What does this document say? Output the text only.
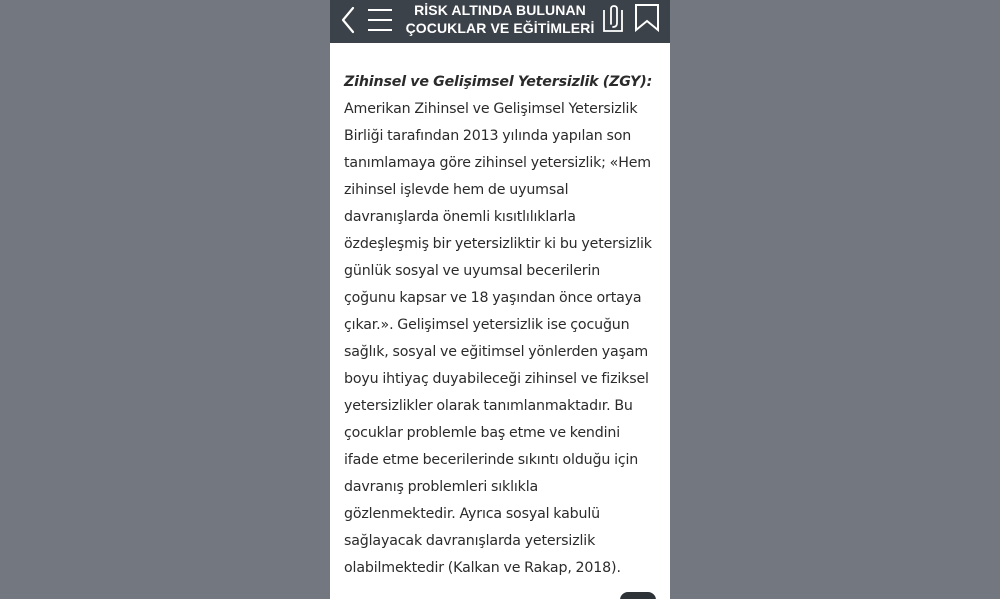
RİSK ALTINDA BULUNAN
ÇOCUKLAR VE EĞİTİMLERİ
Zihinsel ve Gelişimsel Yetersizlik (ZGY):
Amerikan Zihinsel ve Gelişimsel Yetersizlik
Birliği tarafından 2013 yılında yapılan son
tanımlamaya göre zihinsel yetersizlik; «Hem
zihinsel işlevde hem de uyumsal
davranışlarda önemli kısıtlılıklarla
özdeşleşmiş bir yetersizliktir ki bu yetersizlik
günlük sosyal ve uyumsal becerilerin
çoğunu kapsar ve 18 yaşından önce ortaya
çıkar.». Gelişimsel yetersizlik ise çocuğun
sağlık, sosyal ve eğitimsel yönlerden yaşam
boyu ihtiyaç duyabileceği zihinsel ve fiziksel
yetersizlikler olarak tanımlanmaktadır. Bu
çocuklar problemle baş etme ve kendini
ifade etme becerilerinde sıkıntı olduğu için
davranış problemleri sıklıkla
gözlenmektedir. Ayrıca sosyal kabulü
sağlayacak davranışlarda yetersizlik
olabilmektedir (Kalkan ve Rakap, 2018).
